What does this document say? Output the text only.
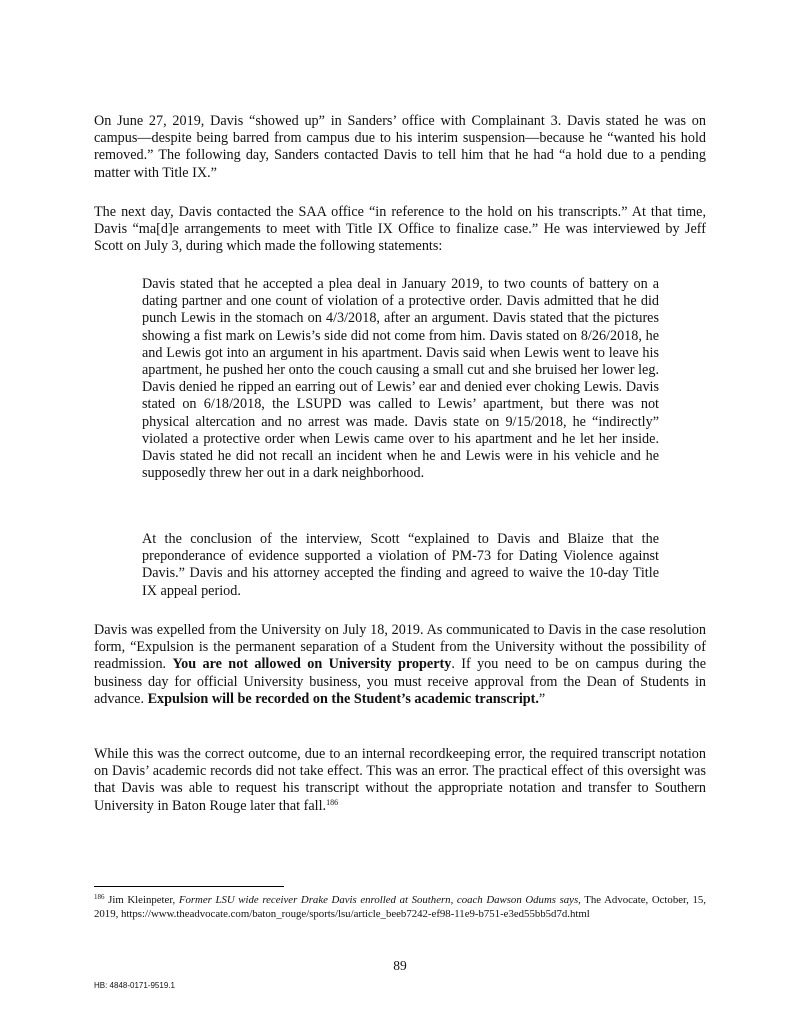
On June 27, 2019, Davis “showed up” in Sanders’ office with Complainant 3. Davis stated he was on campus—despite being barred from campus due to his interim suspension—because he “wanted his hold removed.” The following day, Sanders contacted Davis to tell him that he had “a hold due to a pending matter with Title IX.”

The next day, Davis contacted the SAA office “in reference to the hold on his transcripts.” At that time, Davis “ma[d]e arrangements to meet with Title IX Office to finalize case.” He was interviewed by Jeff Scott on July 3, during which made the following statements:

Davis stated that he accepted a plea deal in January 2019, to two counts of battery on a dating partner and one count of violation of a protective order. Davis admitted that he did punch Lewis in the stomach on 4/3/2018, after an argument. Davis stated that the pictures showing a fist mark on Lewis’s side did not come from him. Davis stated on 8/26/2018, he and Lewis got into an argument in his apartment. Davis said when Lewis went to leave his apartment, he pushed her onto the couch causing a small cut and she bruised her lower leg. Davis denied he ripped an earring out of Lewis’ ear and denied ever choking Lewis. Davis stated on 6/18/2018, the LSUPD was called to Lewis’ apartment, but there was not physical altercation and no arrest was made. Davis state on 9/15/2018, he “indirectly” violated a protective order when Lewis came over to his apartment and he let her inside. Davis stated he did not recall an incident when he and Lewis were in his vehicle and he supposedly threw her out in a dark neighborhood.

At the conclusion of the interview, Scott “explained to Davis and Blaize that the preponderance of evidence supported a violation of PM-73 for Dating Violence against Davis.” Davis and his attorney accepted the finding and agreed to waive the 10-day Title IX appeal period.

Davis was expelled from the University on July 18, 2019. As communicated to Davis in the case resolution form, “Expulsion is the permanent separation of a Student from the University without the possibility of readmission. You are not allowed on University property. If you need to be on campus during the business day for official University business, you must receive approval from the Dean of Students in advance. Expulsion will be recorded on the Student’s academic transcript.”

While this was the correct outcome, due to an internal recordkeeping error, the required transcript notation on Davis’ academic records did not take effect. This was an error. The practical effect of this oversight was that Davis was able to request his transcript without the appropriate notation and transfer to Southern University in Baton Rouge later that fall.$^{186}$

$^{186}$ Jim Kleinpeter, Former LSU wide receiver Drake Davis enrolled at Southern, coach Dawson Odums says, The Advocate, October, 15, 2019, https://www.theadvocate.com/baton_rouge/sports/lsu/article_beeb7242-ef98-11e9-b751-e3ed55bb5d7d.html

89
HB: 4848-0171-9519.1
